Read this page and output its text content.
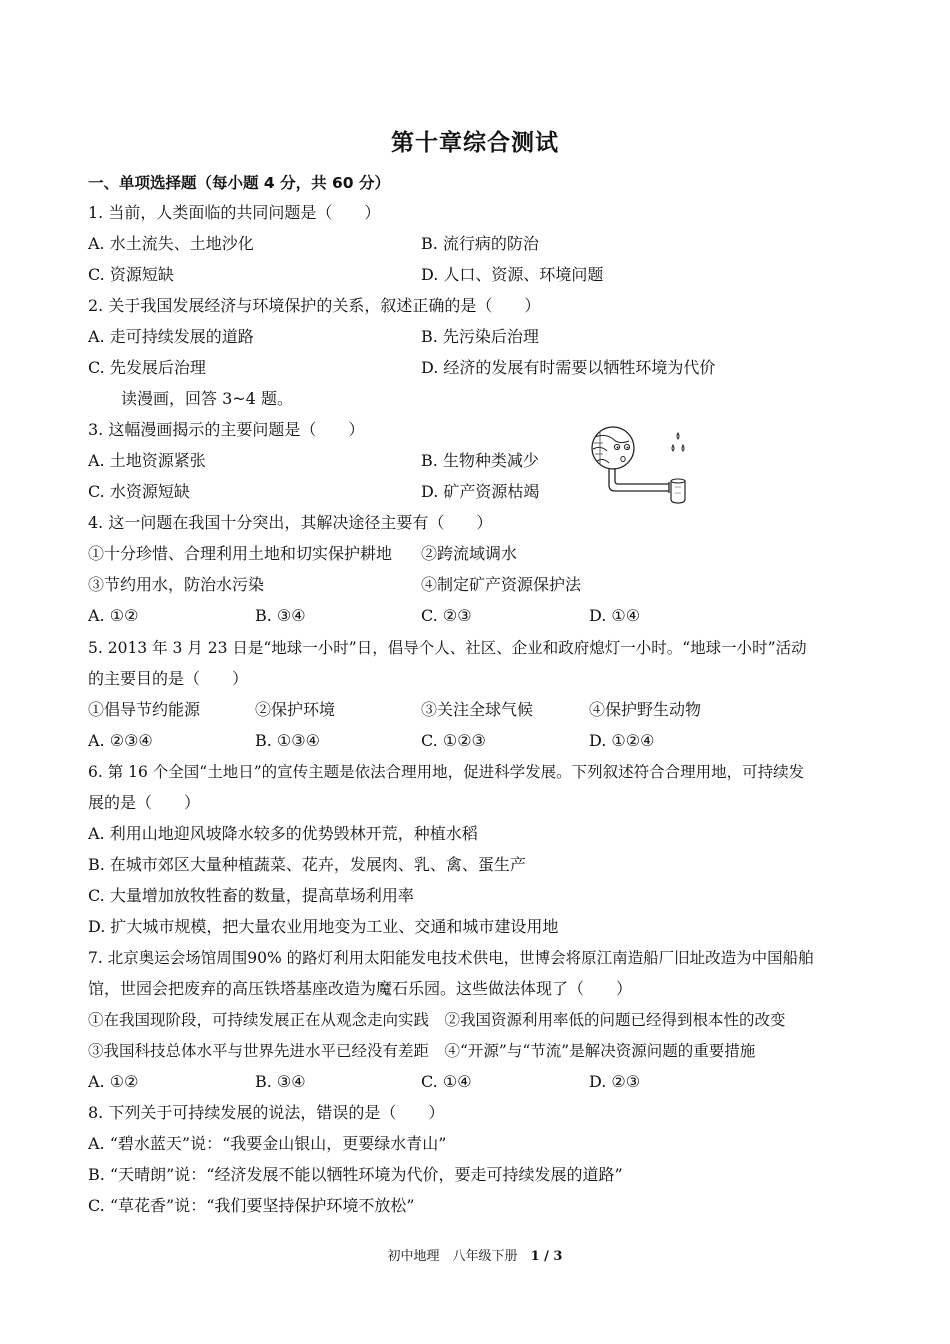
第十章综合测试
一、单项选择题（每小题 4 分，共 60 分）
1. 当前，人类面临的共同问题是（　　）
A. 水土流失、土地沙化	B. 流行病的防治
C. 资源短缺	D. 人口、资源、环境问题
2. 关于我国发展经济与环境保护的关系，叙述正确的是（　　）
A. 走可持续发展的道路	B. 先污染后治理
C. 先发展后治理	D. 经济的发展有时需要以牺牲环境为代价
读漫画，回答 3~4 题。
3. 这幅漫画揭示的主要问题是（　　）
A. 土地资源紧张	B. 生物种类减少
C. 水资源短缺	D. 矿产资源枯竭
4. 这一问题在我国十分突出，其解决途径主要有（　　）
①十分珍惜、合理利用土地和切实保护耕地 ②跨流域调水
③节约用水，防治水污染	④制定矿产资源保护法
A. ①②	B. ③④	C. ②③	D. ①④
5. 2013 年 3 月 23 日是“地球一小时”日，倡导个人、社区、企业和政府熄灯一小时。“地球一小时”活动
的主要目的是（　　）
①倡导节约能源	②保护环境	③关注全球气候	④保护野生动物
A. ②③④	B. ①③④	C. ①②③	D. ①②④
6. 第 16 个全国“土地日”的宣传主题是依法合理用地，促进科学发展。下列叙述符合合理用地，可持续发
展的是（　　）
A. 利用山地迎风坡降水较多的优势毁林开荒，种植水稻
B. 在城市郊区大量种植蔬菜、花卉，发展肉、乳、禽、蛋生产
C. 大量增加放牧牲畜的数量，提高草场利用率
D. 扩大城市规模，把大量农业用地变为工业、交通和城市建设用地
7. 北京奥运会场馆周围90% 的路灯利用太阳能发电技术供电，世博会将原江南造船厂旧址改造为中国船舶
馆，世园会把废弃的高压铁塔基座改造为魔石乐园。这些做法体现了（　　）
①在我国现阶段，可持续发展正在从观念走向实践　②我国资源利用率低的问题已经得到根本性的改变
③我国科技总体水平与世界先进水平已经没有差距　④“开源”与“节流”是解决资源问题的重要措施
A. ①②	B. ③④	C. ①④	D. ②③
8. 下列关于可持续发展的说法，错误的是（　　）
A. “碧水蓝天”说：“我要金山银山，更要绿水青山”
B. “天晴朗”说：“经济发展不能以牺牲环境为代价，要走可持续发展的道路”
C. “草花香”说：“我们要坚持保护环境不放松”
初中地理　八年级下册　1 / 3
